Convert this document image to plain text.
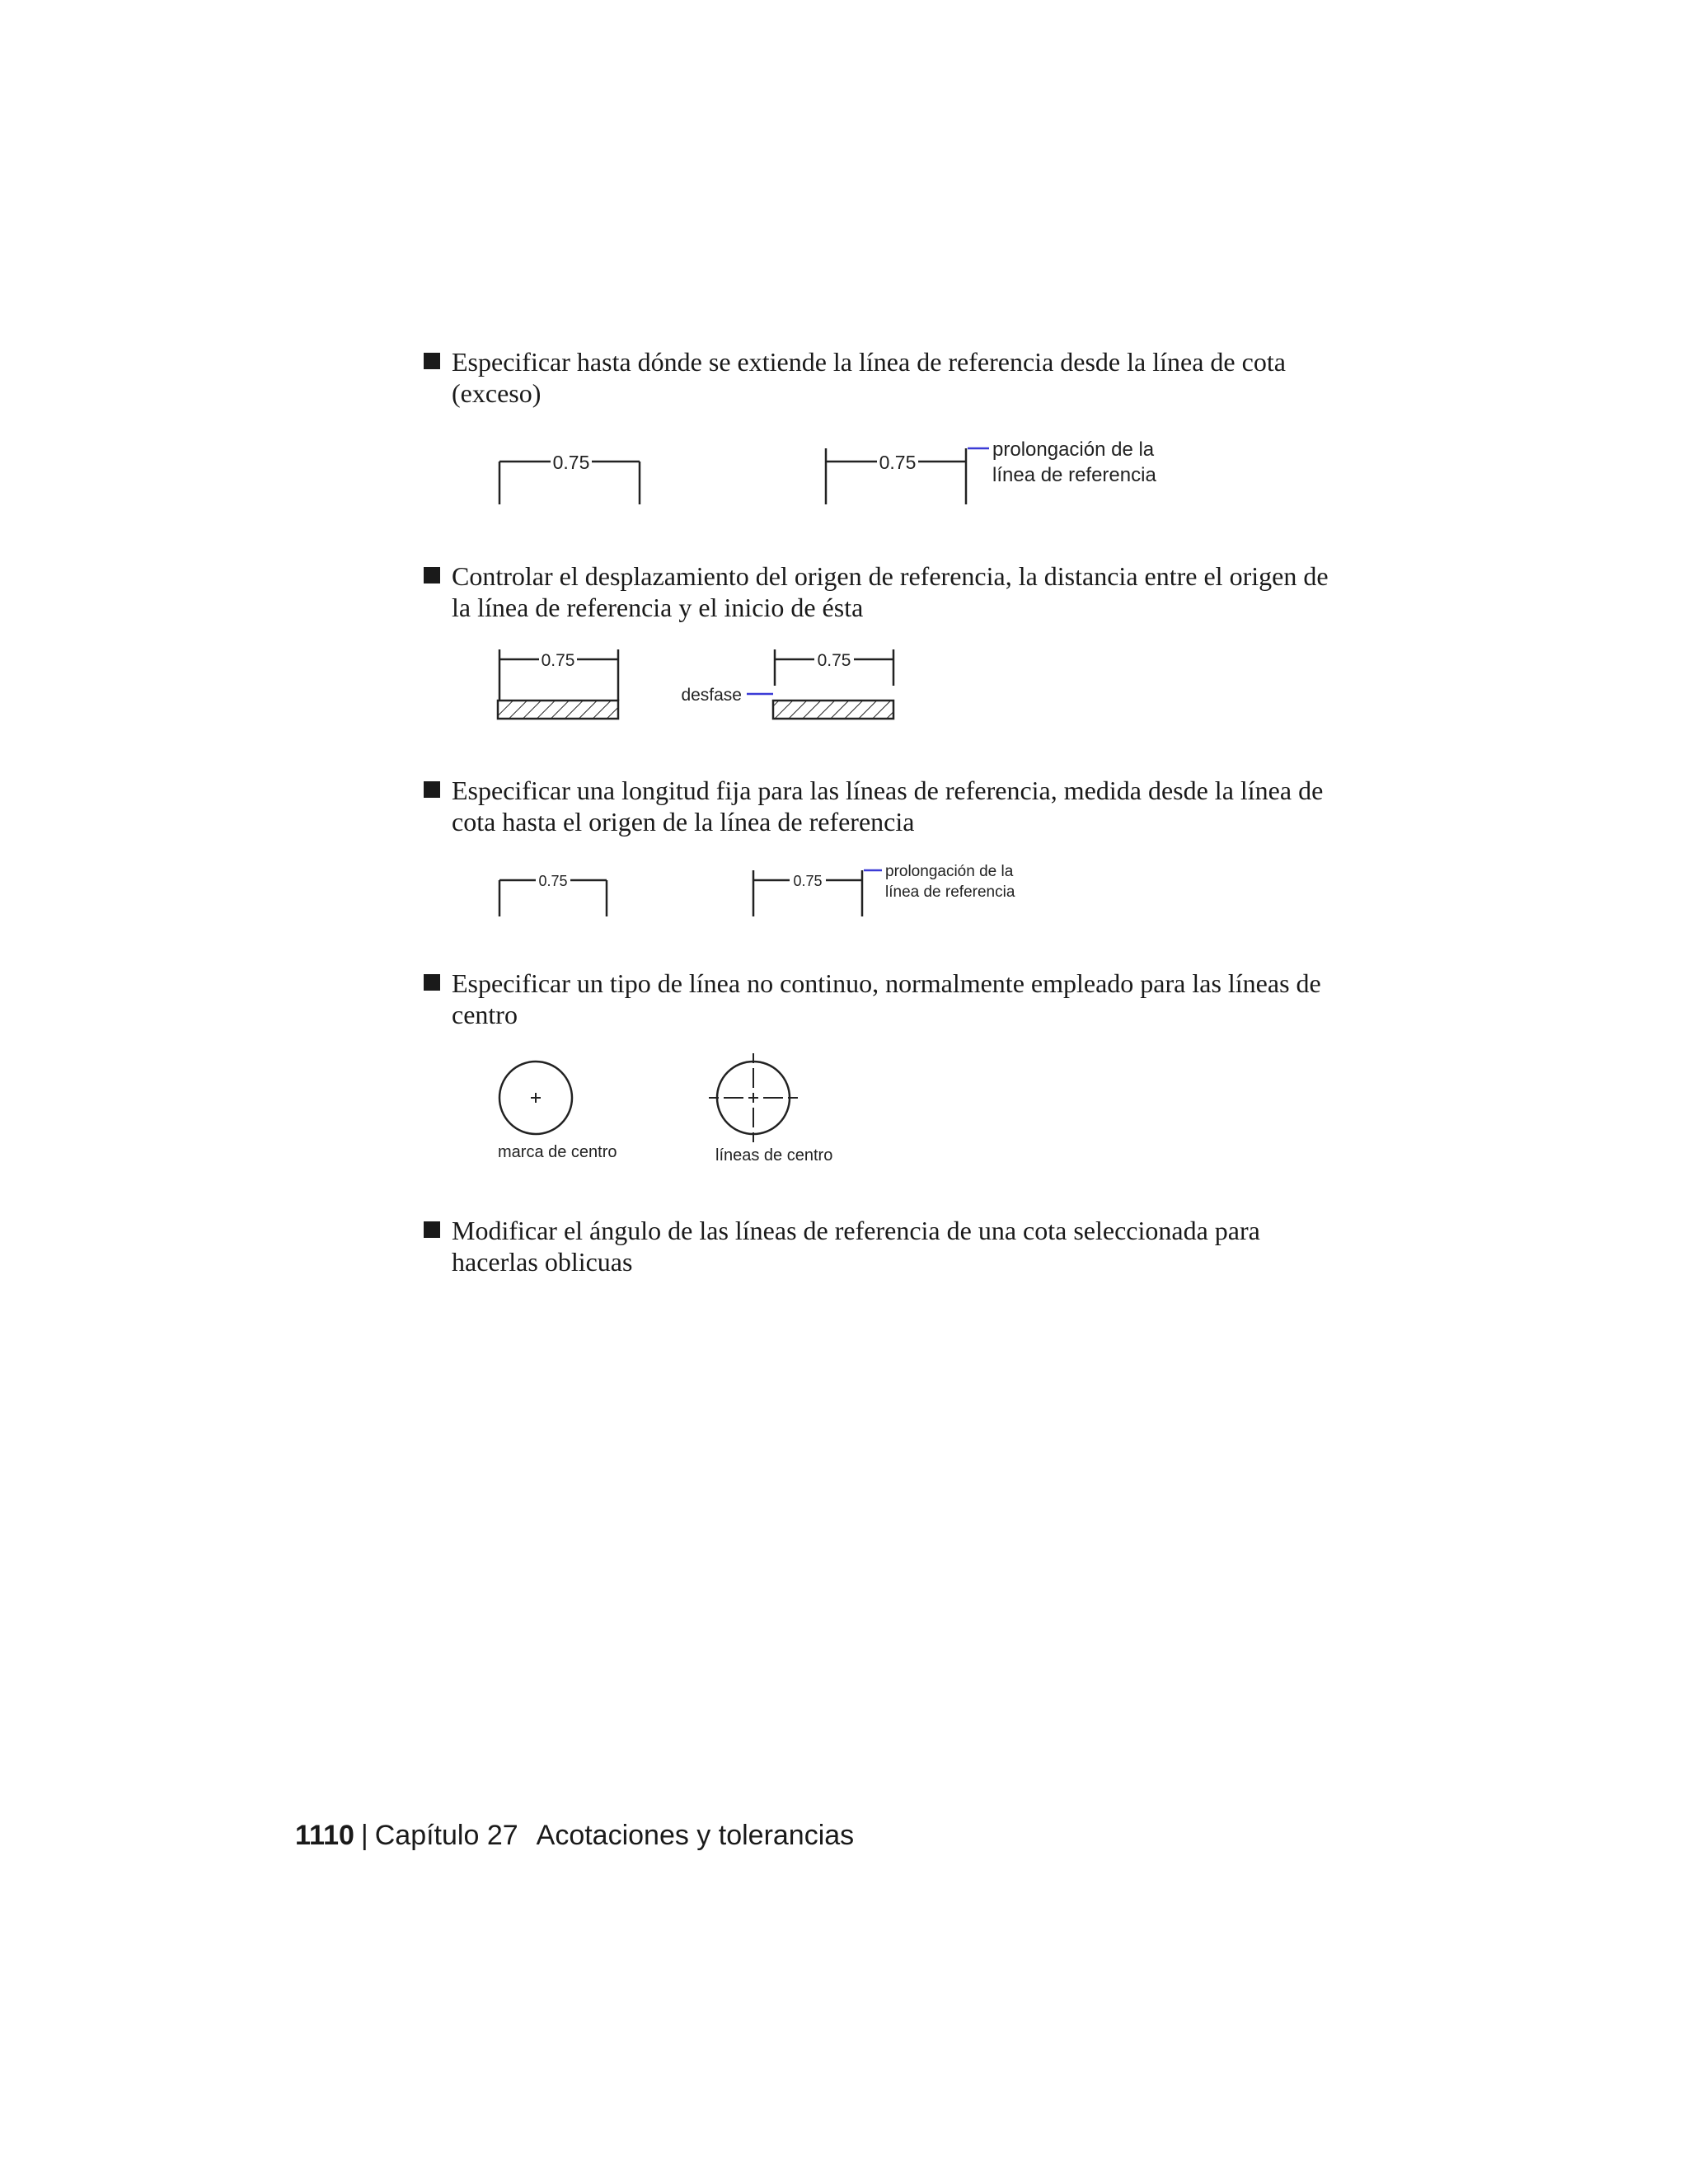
Especificar hasta dónde se extiende la línea de referencia desde la línea de cota (exceso)

0.75	0.75
prolongación de la
línea de referencia

Controlar el desplazamiento del origen de referencia, la distancia entre el origen de la línea de referencia y el inicio de ésta

0.75	0.75
desfase

Especificar una longitud fija para las líneas de referencia, medida desde la línea de cota hasta el origen de la línea de referencia

0.75	0.75
prolongación de la
línea de referencia

Especificar un tipo de línea no continuo, normalmente empleado para las líneas de centro

marca de centro	líneas de centro

Modificar el ángulo de las líneas de referencia de una cota seleccionada para hacerlas oblicuas

1110 | Capítulo 27 Acotaciones y tolerancias
